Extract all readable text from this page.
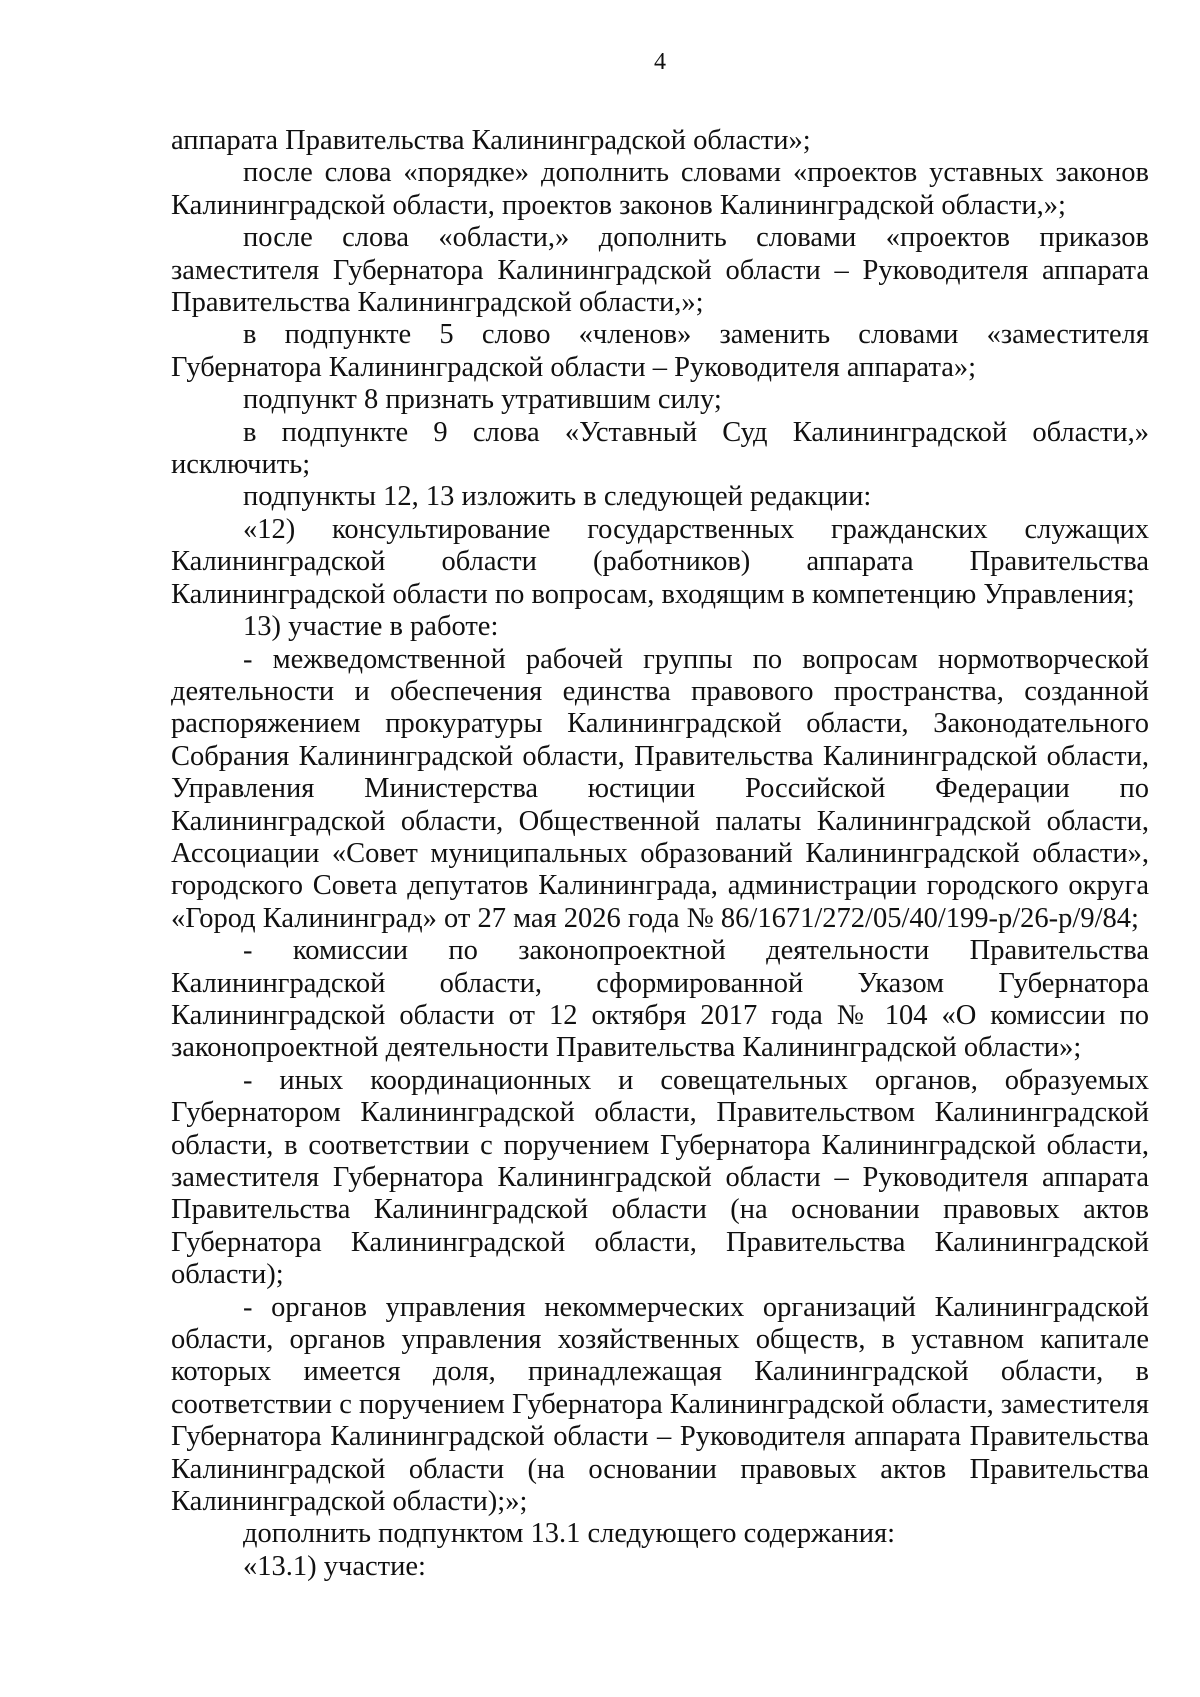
4

аппарата Правительства Калининградской области»;

после слова «порядке» дополнить словами «проектов уставных законов Калининградской области, проектов законов Калининградской области,»;

после слова «области,» дополнить словами «проектов приказов заместителя Губернатора Калининградской области – Руководителя аппарата Правительства Калининградской области,»;

в подпункте 5 слово «членов» заменить словами «заместителя Губернатора Калининградской области – Руководителя аппарата»;

подпункт 8 признать утратившим силу;

в подпункте 9 слова «Уставный Суд Калининградской области,» исключить;

подпункты 12, 13 изложить в следующей редакции:

«12) консультирование государственных гражданских служащих Калининградской области (работников) аппарата Правительства Калининградской области по вопросам, входящим в компетенцию Управления;

13) участие в работе:

- межведомственной рабочей группы по вопросам нормотворческой деятельности и обеспечения единства правового пространства, созданной распоряжением прокуратуры Калининградской области, Законодательного Собрания Калининградской области, Правительства Калининградской области, Управления Министерства юстиции Российской Федерации по Калининградской области, Общественной палаты Калининградской области, Ассоциации «Совет муниципальных образований Калининградской области», городского Совета депутатов Калининграда, администрации городского округа «Город Калининград» от 27 мая 2026 года № 86/1671/272/05/40/199-р/26-р/9/84;

- комиссии по законопроектной деятельности Правительства Калининградской области, сформированной Указом Губернатора Калининградской области от 12 октября 2017 года № 104 «О комиссии по законопроектной деятельности Правительства Калининградской области»;

- иных координационных и совещательных органов, образуемых Губернатором Калининградской области, Правительством Калининградской области, в соответствии с поручением Губернатора Калининградской области, заместителя Губернатора Калининградской области – Руководителя аппарата Правительства Калининградской области (на основании правовых актов Губернатора Калининградской области, Правительства Калининградской области);

- органов управления некоммерческих организаций Калининградской области, органов управления хозяйственных обществ, в уставном капитале которых имеется доля, принадлежащая Калининградской области, в соответствии с поручением Губернатора Калининградской области, заместителя Губернатора Калининградской области – Руководителя аппарата Правительства Калининградской области (на основании правовых актов Правительства Калининградской области);»;

дополнить подпунктом 13.1 следующего содержания:

«13.1) участие:
